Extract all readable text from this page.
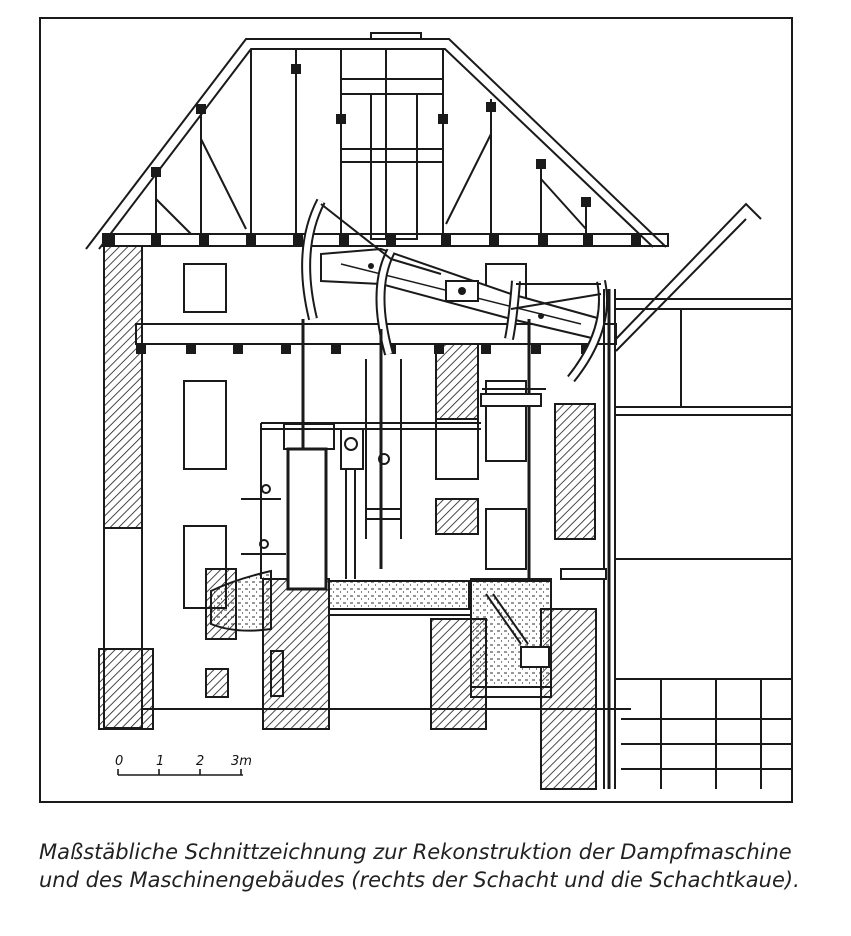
0	1 2 3m

Maßstäbliche Schnittzeichnung zur Rekonstruktion der Dampfmaschine und des Maschinengebäudes (rechts der Schacht und die Schachtkaue).
